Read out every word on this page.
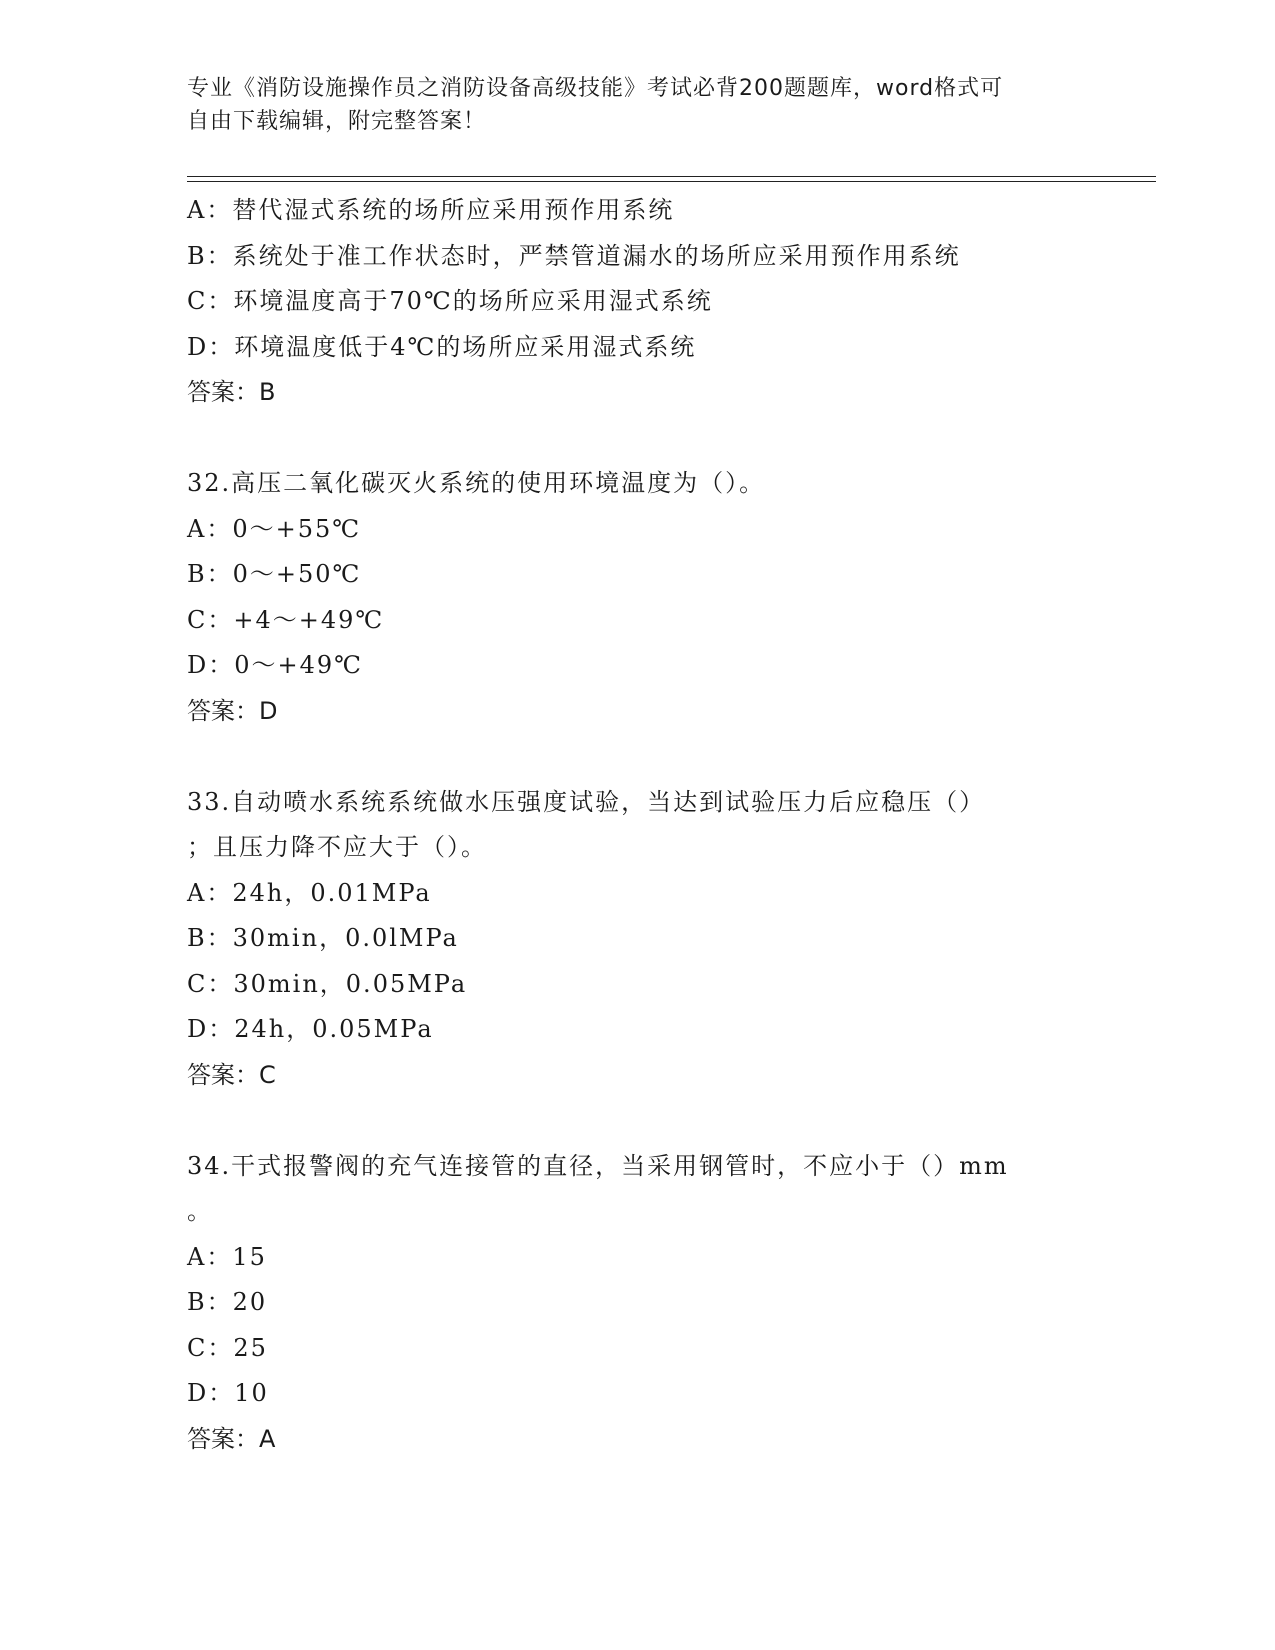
专业《消防设施操作员之消防设备高级技能》考试必背200题题库，word格式可
自由下载编辑，附完整答案！
A：替代湿式系统的场所应采用预作用系统
B：系统处于准工作状态时，严禁管道漏水的场所应采用预作用系统
C：环境温度高于70℃的场所应采用湿式系统
D：环境温度低于4℃的场所应采用湿式系统
答案：B
32.高压二氧化碳灭火系统的使用环境温度为（）。
A：0～+55℃
B：0～+50℃
C：+4～+49℃
D：0～+49℃
答案：D
33.自动喷水系统系统做水压强度试验，当达到试验压力后应稳压（）
；且压力降不应大于（）。
A：24h，0.01MPa
B：30min，0.0lMPa
C：30min，0.05MPa
D：24h，0.05MPa
答案：C
34.干式报警阀的充气连接管的直径，当采用钢管时，不应小于（）mm
。
A：15
B：20
C：25
D：10
答案：A
